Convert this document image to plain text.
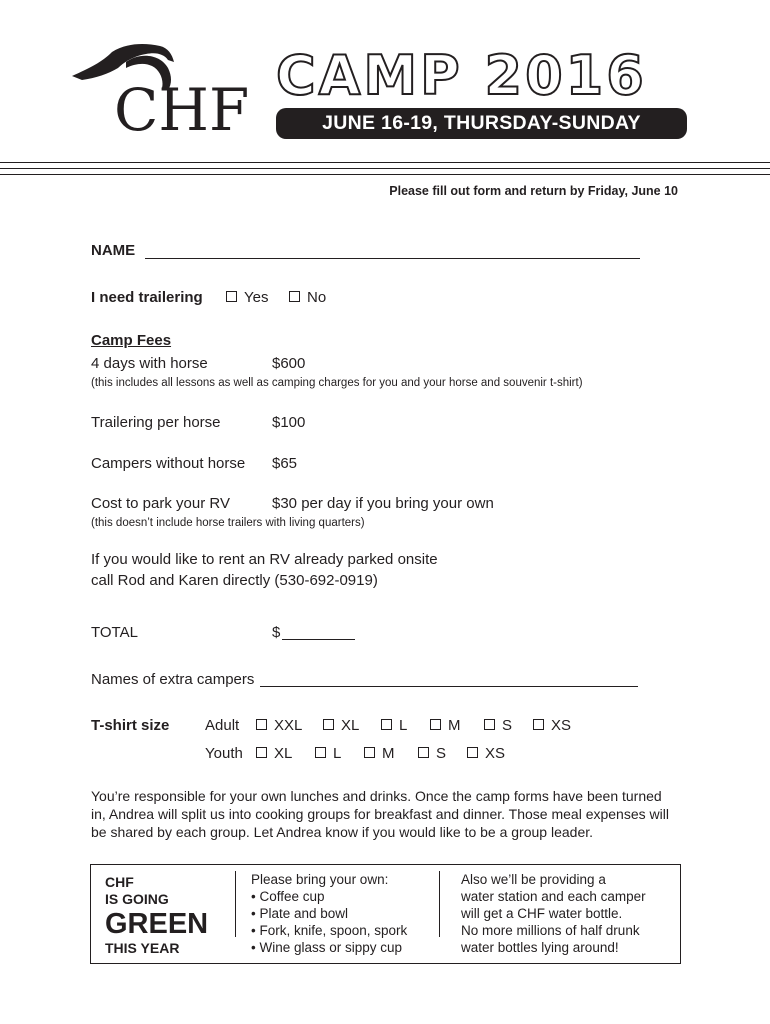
CHF
CAMP 2016
JUNE 16-19, THURSDAY-SUNDAY
Please fill out form and return by Friday, June 10
NAME
I need trailering	Yes	No
Camp Fees
4 days with horse	$600
(this includes all lessons as well as camping charges for you and your horse and souvenir t-shirt)
Trailering per horse	$100
Campers without horse $65
Cost to park your RV	$30 per day if you bring your own
(this doesn’t include horse trailers with living quarters)
If you would like to rent an RV already parked onsite
call Rod and Karen directly (530-692-0919)
TOTAL	$
Names of extra campers
T-shirt size Adult	XXL	XL	L	M	S	XS
Youth	XL	L	M	S	XS
You’re responsible for your own lunches and drinks. Once the camp forms have been turned
in, Andrea will split us into cooking groups for breakfast and dinner. Those meal expenses will
be shared by each group. Let Andrea know if you would like to be a group leader.
CHF
IS GOING
GREEN
THIS YEAR
Please bring your own:
• Coffee cup
• Plate and bowl
• Fork, knife, spoon, spork
• Wine glass or sippy cup
Also we’ll be providing a
water station and each camper
will get a CHF water bottle.
No more millions of half drunk
water bottles lying around!
